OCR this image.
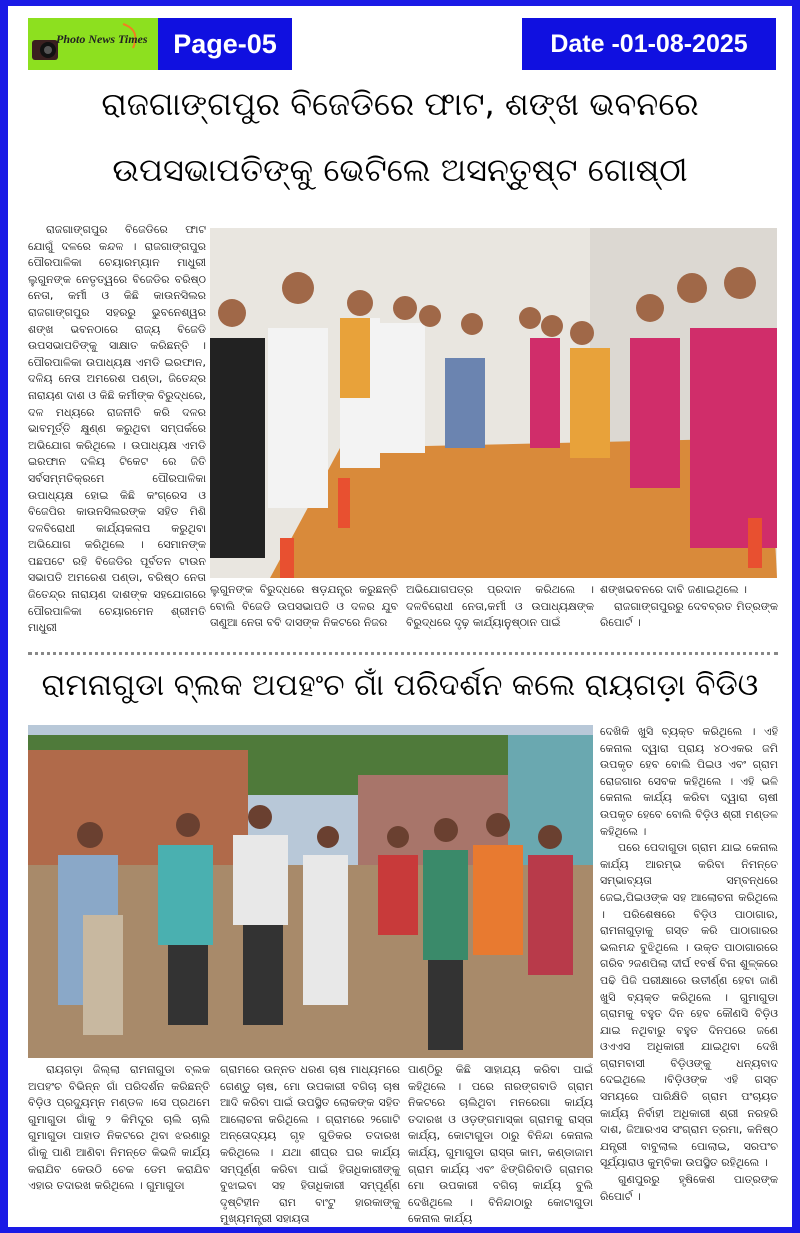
Photo News Times Page-05	Date -01-08-2025
ରାଜଗାଙ୍ଗପୁର ବିଜେଡିରେ ଫାଟ, ଶଙ୍ଖ ଭବନରେ
ଉପସଭାପତିଙ୍କୁ ଭେଟିଲେ ଅସନ୍ତୁଷ୍ଟ ଗୋଷ୍ଠୀ

ରାଜଗାଙ୍ଗପୁର ବିଜେଡିରେ ଫାଟ ଯୋଗୁଁ ଦଳରେ କନ୍ଦଳ । ରାଜଗାଙ୍ଗପୁର ପୌରପାଳିକା ଚେୟାରମ୍ୟାନ ମାଧୁରୀ ଲୁଗୁନଙ୍କ ନେତୃତ୍ୱରେ ବିଜେଡିର ବରିଷ୍ଠ ନେତା, କର୍ମୀ ଓ କିଛି କାଉନସିଲର ରାଜଗାଙ୍ଗପୁର ସହରରୁ ଭୁବନେଶ୍ୱର ଶଙ୍ଖ ଭବନଠାରେ ରାଜ୍ୟ ବିଜେଡି ଉପସଭାପତିଙ୍କୁ ସାକ୍ଷାତ କରିଛନ୍ତି । ପୌରପାଳିକା ଉପାଧ୍ୟକ୍ଷ ଏମଡି ଇରଫାନ, ଦଳିୟ ନେତା ଅମରେଶ ପଣ୍ଡା, ଜିତେନ୍ଦ୍ର ନାରାୟଣ ଦାଶ ଓ କିଛି କର୍ମୀଙ୍କ ବିରୁଦ୍ଧରେ, ଦଳ ମଧ୍ୟରେ ରାଜନୀତି କରି ଦଳର ଭାବମୂର୍ତ୍ତି କ୍ଷୁଣ୍ଣ କରୁଥିବା ସମ୍ପର୍କରେ ଅଭିଯୋଗ କରିଥିଲେ । ଉପାଧ୍ୟକ୍ଷ ଏମଡି ଇରଫାନ ଦଳିୟ ଟିକେଟ ରେ ଜିତି ସର୍ବସମ୍ମତିକ୍ରମେ ପୌରପାଳିକା ଉପାଧ୍ୟକ୍ଷ ହୋଇ କିଛି କଂଗ୍ରେସ ଓ ବିଜେପିର କାଉନସିଲରଙ୍କ ସହିତ ମିଶି ଦଳବିରୋଧୀ କାର୍ଯ୍ୟକଳାପ କରୁଥିବା ଅଭିଯୋଗ କରିଥିଲେ । ସେମାନଙ୍କ ପଛପଟେ ରହି ବିଜେଡିର ପୂର୍ବତନ ଟାଉନ ସଭାପତି ଅମରେଶ ପଣ୍ଡା, ବରିଷ୍ଠ ନେତା ଜିତେନ୍ଦ୍ର ନାରାୟଣ ଦାଶଙ୍କ ସହଯୋଗରେ ପୌରପାଳିକା ଚେୟାରମେନ ଶ୍ରୀମତି ମାଧୁରୀ

ଲୁଗୁନଙ୍କ ବିରୁଦ୍ଧରେ ଷଡ଼ଯନ୍ତ୍ର କରୁଛନ୍ତି ବୋଲି ବିଜେଡି ଉପସଭାପତି ଓ ଦଳର ଯୁବ ତାଣୁଆ ନେତା ବବି ଦାସଙ୍କ ନିକଟରେ ନିଜର
ଅଭିଯୋଗପତ୍ର ପ୍ରଦାନ କରିଥଲେ । ଦଳବିରୋଧୀ ନେତା,କର୍ମୀ ଓ ଉପାଧ୍ୟକ୍ଷଙ୍କ ବିରୁଦ୍ଧରେ ଦୃଢ଼ କାର୍ଯ୍ୟାନୁଷ୍ଠାନ ପାଇଁ
ଶଙ୍ଖଭବନରେ ଦାବି ଜଣାଇଥିଲେ ।
ରାଜଗାଙ୍ଗପୁରରୁ ଦେବବ୍ରତ ମିତ୍ରଙ୍କ ରିପୋର୍ଟ ।
ରାମନାଗୁଡା ବ୍ଲକ ଅପହଂଚ ଗାଁ ପରିଦର୍ଶନ କଲେ ରାୟଗଡ଼ା ବିଡିଓ

ରାୟଗଡ଼ା ଜିଲ୍ଲା ରାମନାଗୁଡା ବ୍ଲକ ଅପହଂଚ ବିଭିନ୍ନ ଗାଁ ପରିଦର୍ଶନ କରିଛନ୍ତି ବିଡ଼ିଓ ପ୍ରଦ୍ୟୁମ୍ନ ମଣ୍ଡଳ ।ସେ ପ୍ରଥମେ ଗୁମାଗୁଡା ଗାଁକୁ ୨ କିମିଦୂର ଚାଲି ଚାଲି ଗୁମାଗୁଡା ପାହାଡ ନିକଟରେ ଥିବା ଝରଣାରୁ ଗାଁକୁ ପାଣି ଆଣିବା ନିମନ୍ତେ କିଭଳି କାର୍ଯ୍ୟ କରାଯିବ କେଉଠି ଚେକ ଡେମ କରାଯିବ ଏହାର ତଦାରଖ କରିଥିଲେ । ଗୁମାଗୁଡା

ଗ୍ରାମରେ ଉନ୍ନତ ଧରଣ ଚାଷ ମାଧ୍ୟମରେ ଗେଣ୍ଡୁ ଚାଷ, ମୋ ଉପକାରୀ ବଗିଚା ଚାଷ ଆଦି କରିବା ପାଇଁ ଉପସ୍ଥିତ ଲୋକଙ୍କ ସହିତ ଆଲୋଚନା କରିଥିଲେ । ଗ୍ରାମରେ ୨ଗୋଟି ଅନ୍ତୋଦ୍ୟୟ ଗୃହ ଗୁଡିକର ତଦାରଖ କରିଥିଲେ । ଯଥା ଶୀଘ୍ର ଘର କାର୍ଯ୍ୟ ସମ୍ପୂର୍ଣ୍ଣ କରିବା ପାଇଁ ହିତାଧିକାରୀଙ୍କୁ ବୁଝାଇବା ସହ ହିତାଧିକାରୀ ସମ୍ପୂର୍ଣ୍ଣ ଦୃଷ୍ଟିହୀନ ରାମ ବାଂଟୁ ହାରକାଙ୍କୁ ମୁଖ୍ୟମନ୍ତ୍ରୀ ସହାୟତା
ପାଣ୍ଠିରୁ କିଛି ସାହାଯ୍ୟ କରିବା ପାଇଁ କହିଥିଲେ । ପରେ ନାରଙ୍ଗବାଡି ଗ୍ରାମ ନିକଟରେ ଚାଲିଥିବା ମନରେଗା କାର୍ଯ୍ୟ ତଦାରଖ ଓ ଓଡ଼ଙ୍ଗମାସ୍କା ଗ୍ରାମକୁ ରାସ୍ତା କାର୍ଯ୍ୟ, କୋଟାଗୁଡା ଠାରୁ ବିନିନ୍ଦା କେନାଲ କାର୍ଯ୍ୟ, ଗୁମାଗୁଡା ରାସ୍ତା କାମ, କଣ୍ଡାଜାମ ଗ୍ରାମ କାର୍ଯ୍ୟ ଏବଂ ଝିଙ୍ଗିରିବାଡି ଗ୍ରାମର ମୋ ଉପକାରୀ ବଗିଚା କାର୍ଯ୍ୟ ବୁଲି ଦେଖିଥିଲେ । ବିନିନ୍ଦାଠାରୁ କୋଟାଗୁଡା କେନାଲ କାର୍ଯ୍ୟ
ଦେଖିକି ଖୁସି ବ୍ୟକ୍ତ କରିଥିଲେ । ଏହି କେନାଲ ଦ୍ୱାରା ପ୍ରାୟ ୪୦ଏକର ଜମି ଉପକୃତ ହେବ ବୋଲି ପିଇଓ ଏବଂ ଗ୍ରାମ ରୋଜଗାର ସେବକ କହିଥିଲେ । ଏହି ଭଳି କେନାଲ କାର୍ଯ୍ୟ କରିବା ଦ୍ୱାରା ଚାଷୀ ଉପକୃତ ହେବେ ବୋଲି ବିଡ଼ିଓ ଶ୍ରୀ ମଣ୍ଡଳ କହିଥିଲେ ।

ପରେ ପେଦାଗୁଡା ଗ୍ରାମ ଯାଇ କେନାଲ କାର୍ଯ୍ୟ ଆରମ୍ଭ କରିବା ନିମନ୍ତେ ସମ୍ଭାବ୍ୟତା ସମ୍ବନ୍ଧରେ ଜେଇ,ପିଇଓଙ୍କ ସହ ଆଲୋଚନା କରିଥିଲେ । ପରିଶେଷରେ ବିଡ଼ିଓ ପାଠାଗାର, ରାମନାଗୁଡ଼ାକୁ ଗସ୍ତ କରି ପାଠାଗାରର ଭଲମନ୍ଦ ବୁଝିଥିଲେ । ଉକ୍ତ ପାଠାଗାରରେ ଗରିବ ୨ଜଣପିଲା ଦୀର୍ଘ ୧ବର୍ଷ ବିନା ଶୁଳ୍କରେ ପଢି ପିଜି ପରୀକ୍ଷାରେ ଉତୀର୍ଣ୍ଣ ହେବା ଜାଣି ଖୁସି ବ୍ୟକ୍ତ କରିଥିଲେ । ଗୁମାଗୁଡା ଗ୍ରାମକୁ ବହୁତ ଦିନ ହେବ କୌଣସି ବିଡ଼ିଓ ଯାଇ ନଥିବାରୁ ବହୁତ ଦିନପରେ ଜଣେ ଓଏଏସ ଅଧିକାରୀ ଯାଇଥିବା ଦେଖି ଗ୍ରାମବାସୀ ବିଡ଼ିଓଙ୍କୁ ଧନ୍ୟବାଦ ଦେଇଥିଲେ ।ବିଡ଼ିଓଙ୍କ ଏହି ଗସ୍ତ ସମୟରେ ପାରିକ୍ଷିତି ଗ୍ରାମ ପଂଚାୟତ କାର୍ଯ୍ୟ ନିର୍ବାହୀ ଅଧିକାରୀ ଶ୍ରୀ ନରହରି ଦାଶ, ଜିଆରଏସ ସଂଗ୍ରାମ ତ୍ରମା, କନିଷ୍ଠ ଯନ୍ତ୍ରୀ ବାବୁଲାଲ ପୋଲାଇ, ସରପଂଚ ସୂର୍ଯ୍ୟାରାଓ କୁମ୍ବିକା ଉପସ୍ଥିତ ରହିଥିଲେ ।

ଗୁଣପୁରରୁ ହୃଷିକେଶ ପାତ୍ରଙ୍କ ରିପୋର୍ଟ ।
